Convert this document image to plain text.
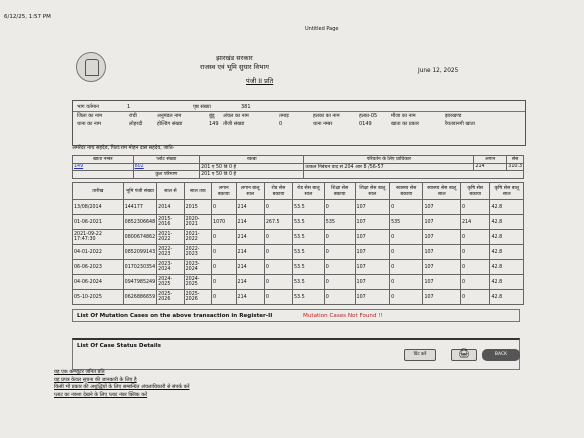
6/12/25, 1:57 PM
Untitled Page
झारखंड सरकार
राजस्व एवं भूमि सुधार विभाग	June 12, 2025
पंजी II प्रति
भाग वर्तमान	1	पृष्ठ संख्या	381
जिला का नाम	रांची	अनुमंडल नाम	बुंडू अंचल का नाम	तमाड़	हलका का नाम	हल्का-05	मौजा का नाम	झारखण्ड
थाना का नाम	लोहरदी	होल्डिंग संख्या	149 तौजी संख्या	0	थाना नम्बर	0149	खाता का प्रकार	रैयतवानगी खाता
अमरेंदर नाथ सहदेव, पिता:राम मोहन दास सहदेव, जाति-
खाता नम्बर	प्लोट संख्या	रकबा	परिवर्तन के लिए प्राधिकार	लगान	सेस
149	802	201 ए 50 डि 0 है	तत्कल निबंधन वाद सं 204 आर 8 /56-57	214	310.3
	कुल परिमाण	201 ए 50 डि 0 है			
तारीख	भूमि पंजी संख्या	साल से	साल तक	लगान बकाया	लगान बालू साल	रोड सेस बकाया	रोड सेस बालू साल	शिक्षा सेस बकाया	शिक्षा सेस बालू साल	स्वास्थ्य सेस बकाया	स्वास्थ्य सेस बालू साल	कृषि सेस बकाया	कृषि सेस बालू साल
13/08/2014	144177	2014	2015	0	214	0	53.5	0	107	0	107	0	42.8
01-06-2021	0852306648	2015-2016	2020-2021	1070	214	267.5	53.5	535	107	535	107	214	42.8
2021-09-22 17:47:30	0800674862	2021-2022	2021-2022	0	214	0	53.5	0	107	0	107	0	42.8
04-01-2022	0852099143	2022-2023	2022-2023	0	214	0	53.5	0	107	0	107	0	42.8
06-06-2023	0170230354	2023-2024	2023-2024	0	214	0	53.5	0	107	0	107	0	42.8
04-06-2024	0947985249	2024-2025	2024-2025	0	214	0	53.5	0	107	0	107	0	42.8
05-10-2025	0626886659	2025-2026	2025-2026	0	214	0	53.5	0	107	0	107	0	42.8
List Of Mutation Cases on the above transaction in Register-II	Mutation Cases Not Found !!
List Of Case Status Details
प्रिंट करें	🖨	BACK
यह एक कम्प्यूटर जनित प्रति
यह प्रपत्र केवल सूचना की जानकारी के लिए है
किसी भी प्रकार की अशुद्धियों के लिए सम्बन्धित अंचलाधिकारी से संपर्क करें
प्लाट का नक्शा देखने के लिए प्लाट नंबर क्लिक करें
